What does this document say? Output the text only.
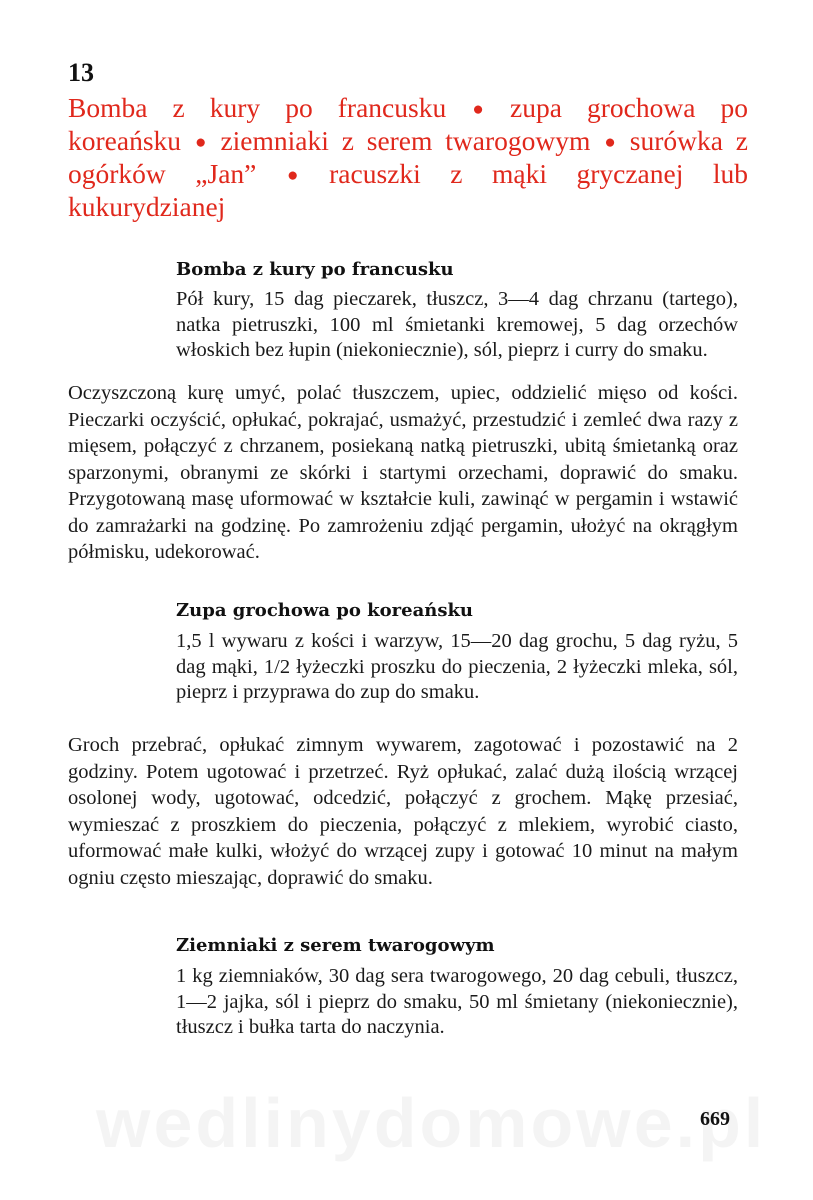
13
Bomba z kury po francusku ● zupa grochowa po koreańsku ● ziemniaki z serem twarogowym ● surówka z ogórków „Jan” ● racuszki z mąki gryczanej lub kukurydzianej
Bomba z kury po francusku
Pół kury, 15 dag pieczarek, tłuszcz, 3—4 dag chrzanu (tartego), natka pietruszki, 100 ml śmietanki kremowej, 5 dag orzechów włoskich bez łupin (niekoniecznie), sól, pieprz i curry do smaku.
Oczyszczoną kurę umyć, polać tłuszczem, upiec, oddzielić mięso od kości. Pieczarki oczyścić, opłukać, pokrajać, usmażyć, przestudzić i zemleć dwa razy z mięsem, połączyć z chrzanem, posiekaną natką pietruszki, ubitą śmietanką oraz sparzonymi, obranymi ze skórki i startymi orzechami, doprawić do smaku. Przygotowaną masę uformować w kształcie kuli, zawinąć w pergamin i wstawić do zamrażarki na godzinę. Po zamrożeniu zdjąć pergamin, ułożyć na okrągłym półmisku, udekorować.
Zupa grochowa po koreańsku
1,5 l wywaru z kości i warzyw, 15—20 dag grochu, 5 dag ryżu, 5 dag mąki, 1/2 łyżeczki proszku do pieczenia, 2 łyżeczki mleka, sól, pieprz i przyprawa do zup do smaku.
Groch przebrać, opłukać zimnym wywarem, zagotować i pozostawić na 2 godziny. Potem ugotować i przetrzeć. Ryż opłukać, zalać dużą ilością wrzącej osolonej wody, ugotować, odcedzić, połączyć z grochem. Mąkę przesiać, wymieszać z proszkiem do pieczenia, połączyć z mlekiem, wyrobić ciasto, uformować małe kulki, włożyć do wrzącej zupy i gotować 10 minut na małym ogniu często mieszając, doprawić do smaku.
Ziemniaki z serem twarogowym
1 kg ziemniaków, 30 dag sera twarogowego, 20 dag cebuli, tłuszcz, 1—2 jajka, sól i pieprz do smaku, 50 ml śmietany (niekoniecznie), tłuszcz i bułka tarta do naczynia.
669
